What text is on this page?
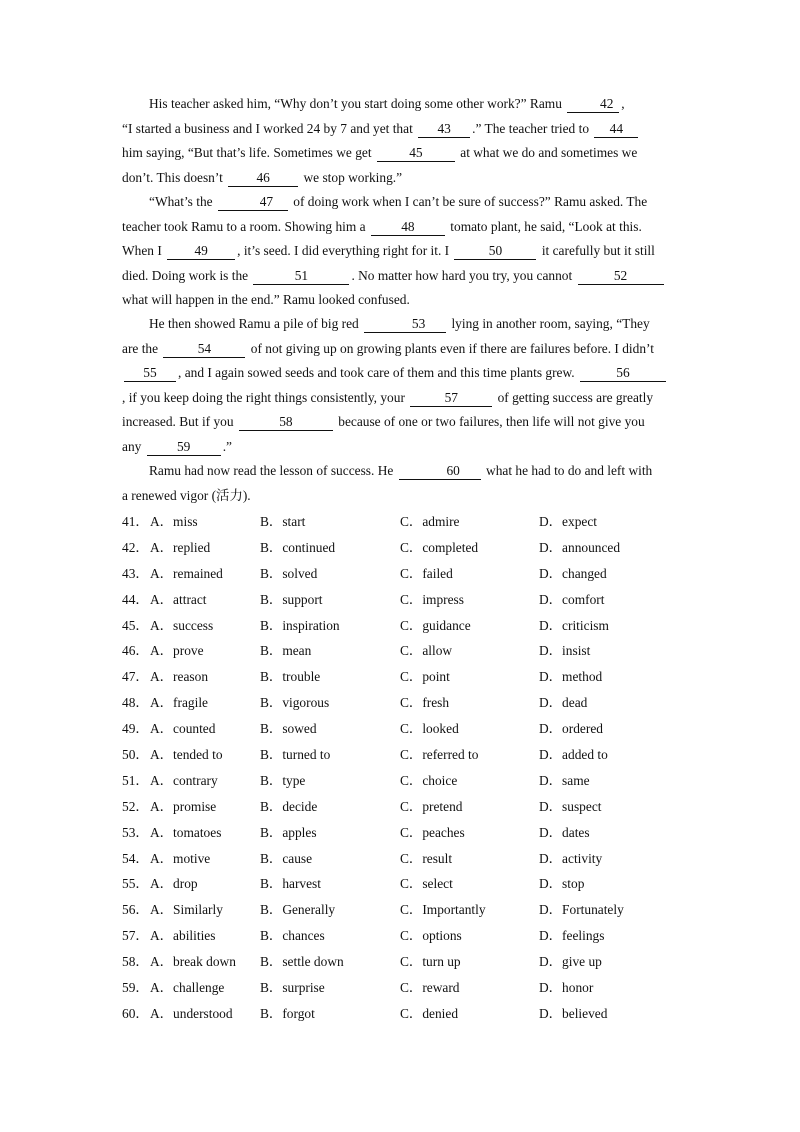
His teacher asked him, “Why don’t you start doing some other work?” Ramu	42 ,
“I started a business and I worked 24 by 7 and yet that 43 .” The teacher tried to 44
him saying, “But that’s life. Sometimes we get	45	at what we do and sometimes we
don’t. This doesn’t 46 we stop working.”
“What’s the	47 of doing work when I can’t be sure of success?” Ramu asked. The
teacher took Ramu to a room. Showing him a 48 tomato plant, he said, “Look at this.
When I 49 , it’s seed. I did everything right for it. I	50	it carefully but it still
died. Doing work is the	51	. No matter how hard you try, you cannot	52
what will happen in the end.” Ramu looked confused.
He then showed Ramu a pile of big red	53 lying in another room, saying, “They
are the	54	of not giving up on growing plants even if there are failures before. I didn’t
55 , and I again sowed seeds and took care of them and this time plants grew.	56
, if you keep doing the right things consistently, your	57	of getting success are greatly
increased. But if you	58	because of one or two failures, then life will not give you
any 59 .”
Ramu had now read the lesson of success. He	60 what he had to do and left with
a renewed vigor (活力).
41． A．miss	B．start	C．admire	D．expect
42． A．replied	B．continued	C．completed	D．announced
43． A．remained	B．solved	C．failed	D．changed
44． A．attract	B．support	C．impress	D．comfort
45． A．success	B．inspiration	C．guidance	D．criticism
46． A．prove	B．mean	C．allow	D．insist
47． A．reason	B．trouble	C．point	D．method
48． A．fragile	B．vigorous	C．fresh	D．dead
49． A．counted	B．sowed	C．looked	D．ordered
50． A．tended to	B．turned to	C．referred to	D．added to
51． A．contrary	B．type	C．choice	D．same
52． A．promise	B．decide	C．pretend	D．suspect
53． A．tomatoes	B．apples	C．peaches	D．dates
54． A．motive	B．cause	C．result	D．activity
55． A．drop	B．harvest	C．select	D．stop
56． A．Similarly	B．Generally	C．Importantly	D．Fortunately
57． A．abilities	B．chances	C．options	D．feelings
58． A．break down B．settle down	C．turn up	D．give up
59． A．challenge	B．surprise	C．reward	D．honor
60． A．understood B．forgot	C．denied	D．believed
